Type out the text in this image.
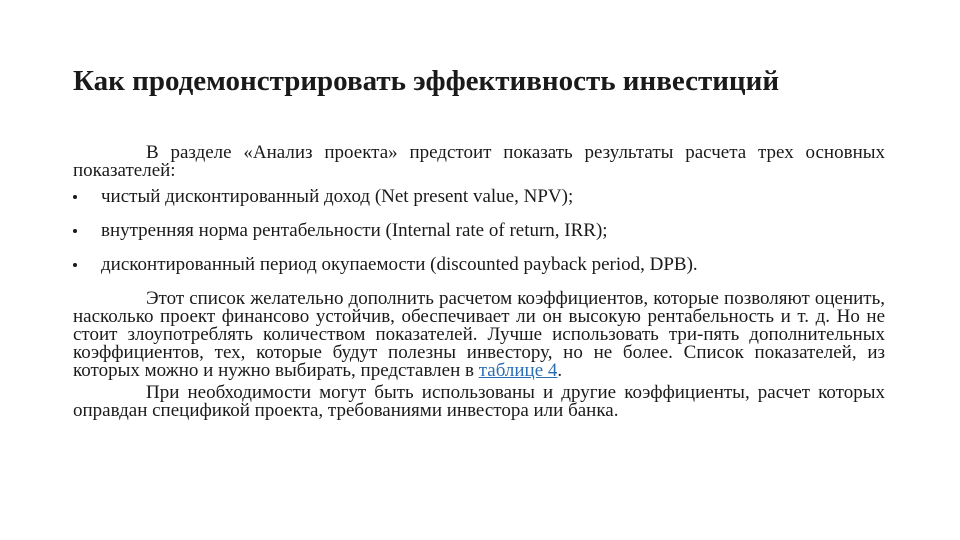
Как продемонстрировать эффективность инвестиций

В разделе «Анализ проекта» предстоит показать результаты расчета трех основных показателей:

чистый дисконтированный доход (Net present value, NPV);
внутренняя норма рентабельности (Internal rate of return, IRR);
дисконтированный период окупаемости (discounted payback period, DPB).

Этот список желательно дополнить расчетом коэффициентов, которые позволяют оценить, насколько проект финансово устойчив, обеспечивает ли он высокую рентабельность и т. д. Но не стоит злоупотреблять количеством показателей. Лучше использовать три-пять дополнительных коэффициентов, тех, которые будут полезны инвестору, но не более. Список показателей, из которых можно и нужно выбирать, представлен в таблице 4.

При необходимости могут быть использованы и другие коэффициенты, расчет которых оправдан спецификой проекта, требованиями инвестора или банка.
